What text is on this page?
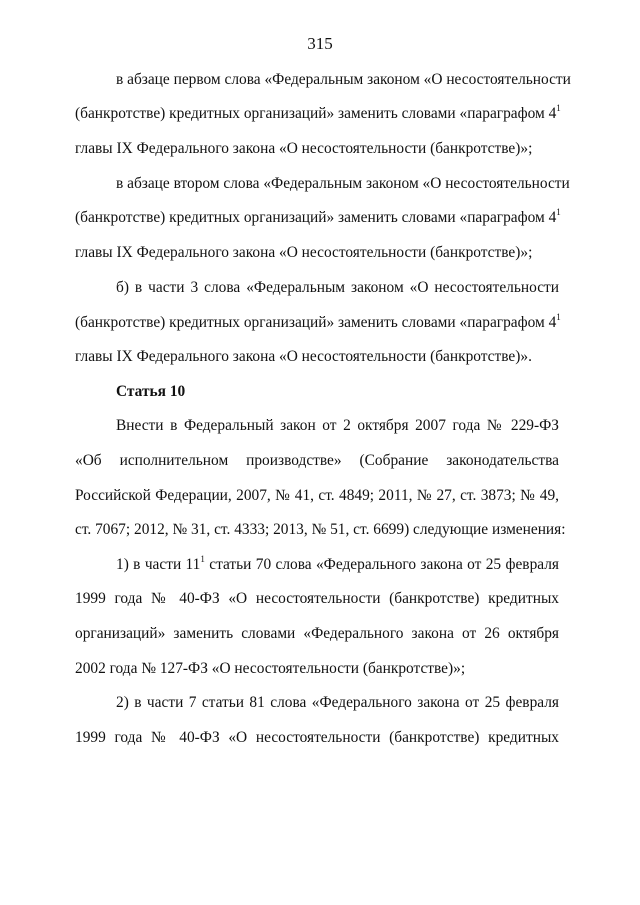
315
в абзаце первом слова «Федеральным законом «О несостоятельности
(банкротстве) кредитных организаций» заменить словами «параграфом $4^1$
главы IX Федерального закона «О несостоятельности (банкротстве)»;
в абзаце втором слова «Федеральным законом «О несостоятельности
(банкротстве) кредитных организаций» заменить словами «параграфом $4^1$
главы IX Федерального закона «О несостоятельности (банкротстве)»;
б) в части 3 слова «Федеральным законом «О несостоятельности
(банкротстве) кредитных организаций» заменить словами «параграфом $4^1$
главы IX Федерального закона «О несостоятельности (банкротстве)».
Статья 10
Внести в Федеральный закон от 2 октября 2007 года № 229-ФЗ
«Об исполнительном производстве» (Собрание законодательства
Российской Федерации, 2007, № 41, ст. 4849; 2011, № 27, ст. 3873; № 49,
ст. 7067; 2012, № 31, ст. 4333; 2013, № 51, ст. 6699) следующие изменения:
1) в части $11^1$ статьи 70 слова «Федерального закона от 25 февраля
1999 года № 40-ФЗ «О несостоятельности (банкротстве) кредитных
организаций» заменить словами «Федерального закона от 26 октября
2002 года № 127-ФЗ «О несостоятельности (банкротстве)»;
2) в части 7 статьи 81 слова «Федерального закона от 25 февраля
1999 года № 40-ФЗ «О несостоятельности (банкротстве) кредитных
